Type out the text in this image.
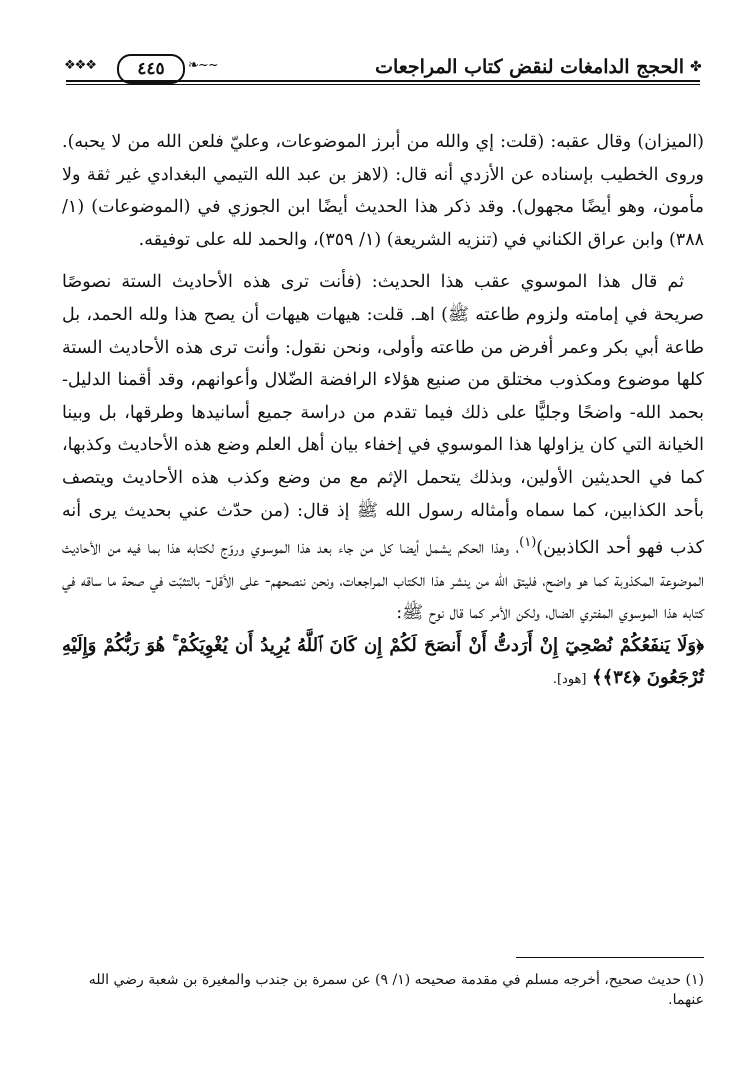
✤
الحجج الدامغات لنقض كتاب المراجعات
❖❖❖	٤٤٥	❧~~

(الميزان) وقال عقبه: (قلت: إي والله من أبرز الموضوعات، وعليّ فلعن الله من لا يحبه). وروى الخطيب بإسناده عن الأزدي أنه قال: (لاهز بن عبد الله التيمي البغدادي غير ثقة ولا مأمون، وهو أيضًا مجهول). وقد ذكر هذا الحديث أيضًا ابن الجوزي في (الموضوعات) (١/ ٣٨٨) وابن عراق الكناني في (تنزيه الشريعة) (١/ ٣٥٩)، والحمد لله على توفيقه.

ثم قال هذا الموسوي عقب هذا الحديث: (فأنت ترى هذه الأحاديث الستة نصوصًا صريحة في إمامته ولزوم طاعته ﷺ) اهـ. قلت: هيهات هيهات أن يصح هذا ولله الحمد، بل طاعة أبي بكر وعمر أفرض من طاعته وأولى، ونحن نقول: وأنت ترى هذه الأحاديث الستة كلها موضوع ومكذوب مختلق من صنيع هؤلاء الرافضة الضّلال وأعوانهم، وقد أقمنا الدليل- بحمد الله- واضحًا وجليًّا على ذلك فيما تقدم من دراسة جميع أسانيدها وطرقها، بل وبينا الخيانة التي كان يزاولها هذا الموسوي في إخفاء بيان أهل العلم وضع هذه الأحاديث وكذبها، كما في الحديثين الأولين، وبذلك يتحمل الإثم مع من وضع وكذب هذه الأحاديث ويتصف بأحد الكذابين، كما سماه وأمثاله رسول الله ﷺ إذ قال: (من حدّث عني بحديث يرى أنه كذب فهو أحد الكاذبين)$^{(١)}$، وهذا الحكم يشمل أيضا كل من جاء بعد هذا الموسوي وروّج لكتابه هذا بما فيه من الأحاديث الموضوعة المكذوبة كما هو واضح، فليتق الله من ينشر هذا الكتاب المراجعات، ونحن ننصحهم- على الأقل- بالتثبّت في صحة ما ساقه في كتابه هذا الموسوي المفتري الضال، ولكن الأمر كما قال نوح ﷺ:

﴿وَلَا يَنفَعُكُمْ نُصْحِيٓ إِنْ أَرَدتُّ أَنْ أَنصَحَ لَكُمْ إِن كَانَ ٱللَّهُ يُرِيدُ أَن يُغْوِيَكُمْ ۚ هُوَ رَبُّكُمْ وَإِلَيْهِ تُرْجَعُونَ ﴿٣٤﴾﴾ [هود].

(١) حديث صحيح، أخرجه مسلم في مقدمة صحيحه (١/ ٩) عن سمرة بن جندب والمغيرة بن شعبة رضي الله عنهما.
